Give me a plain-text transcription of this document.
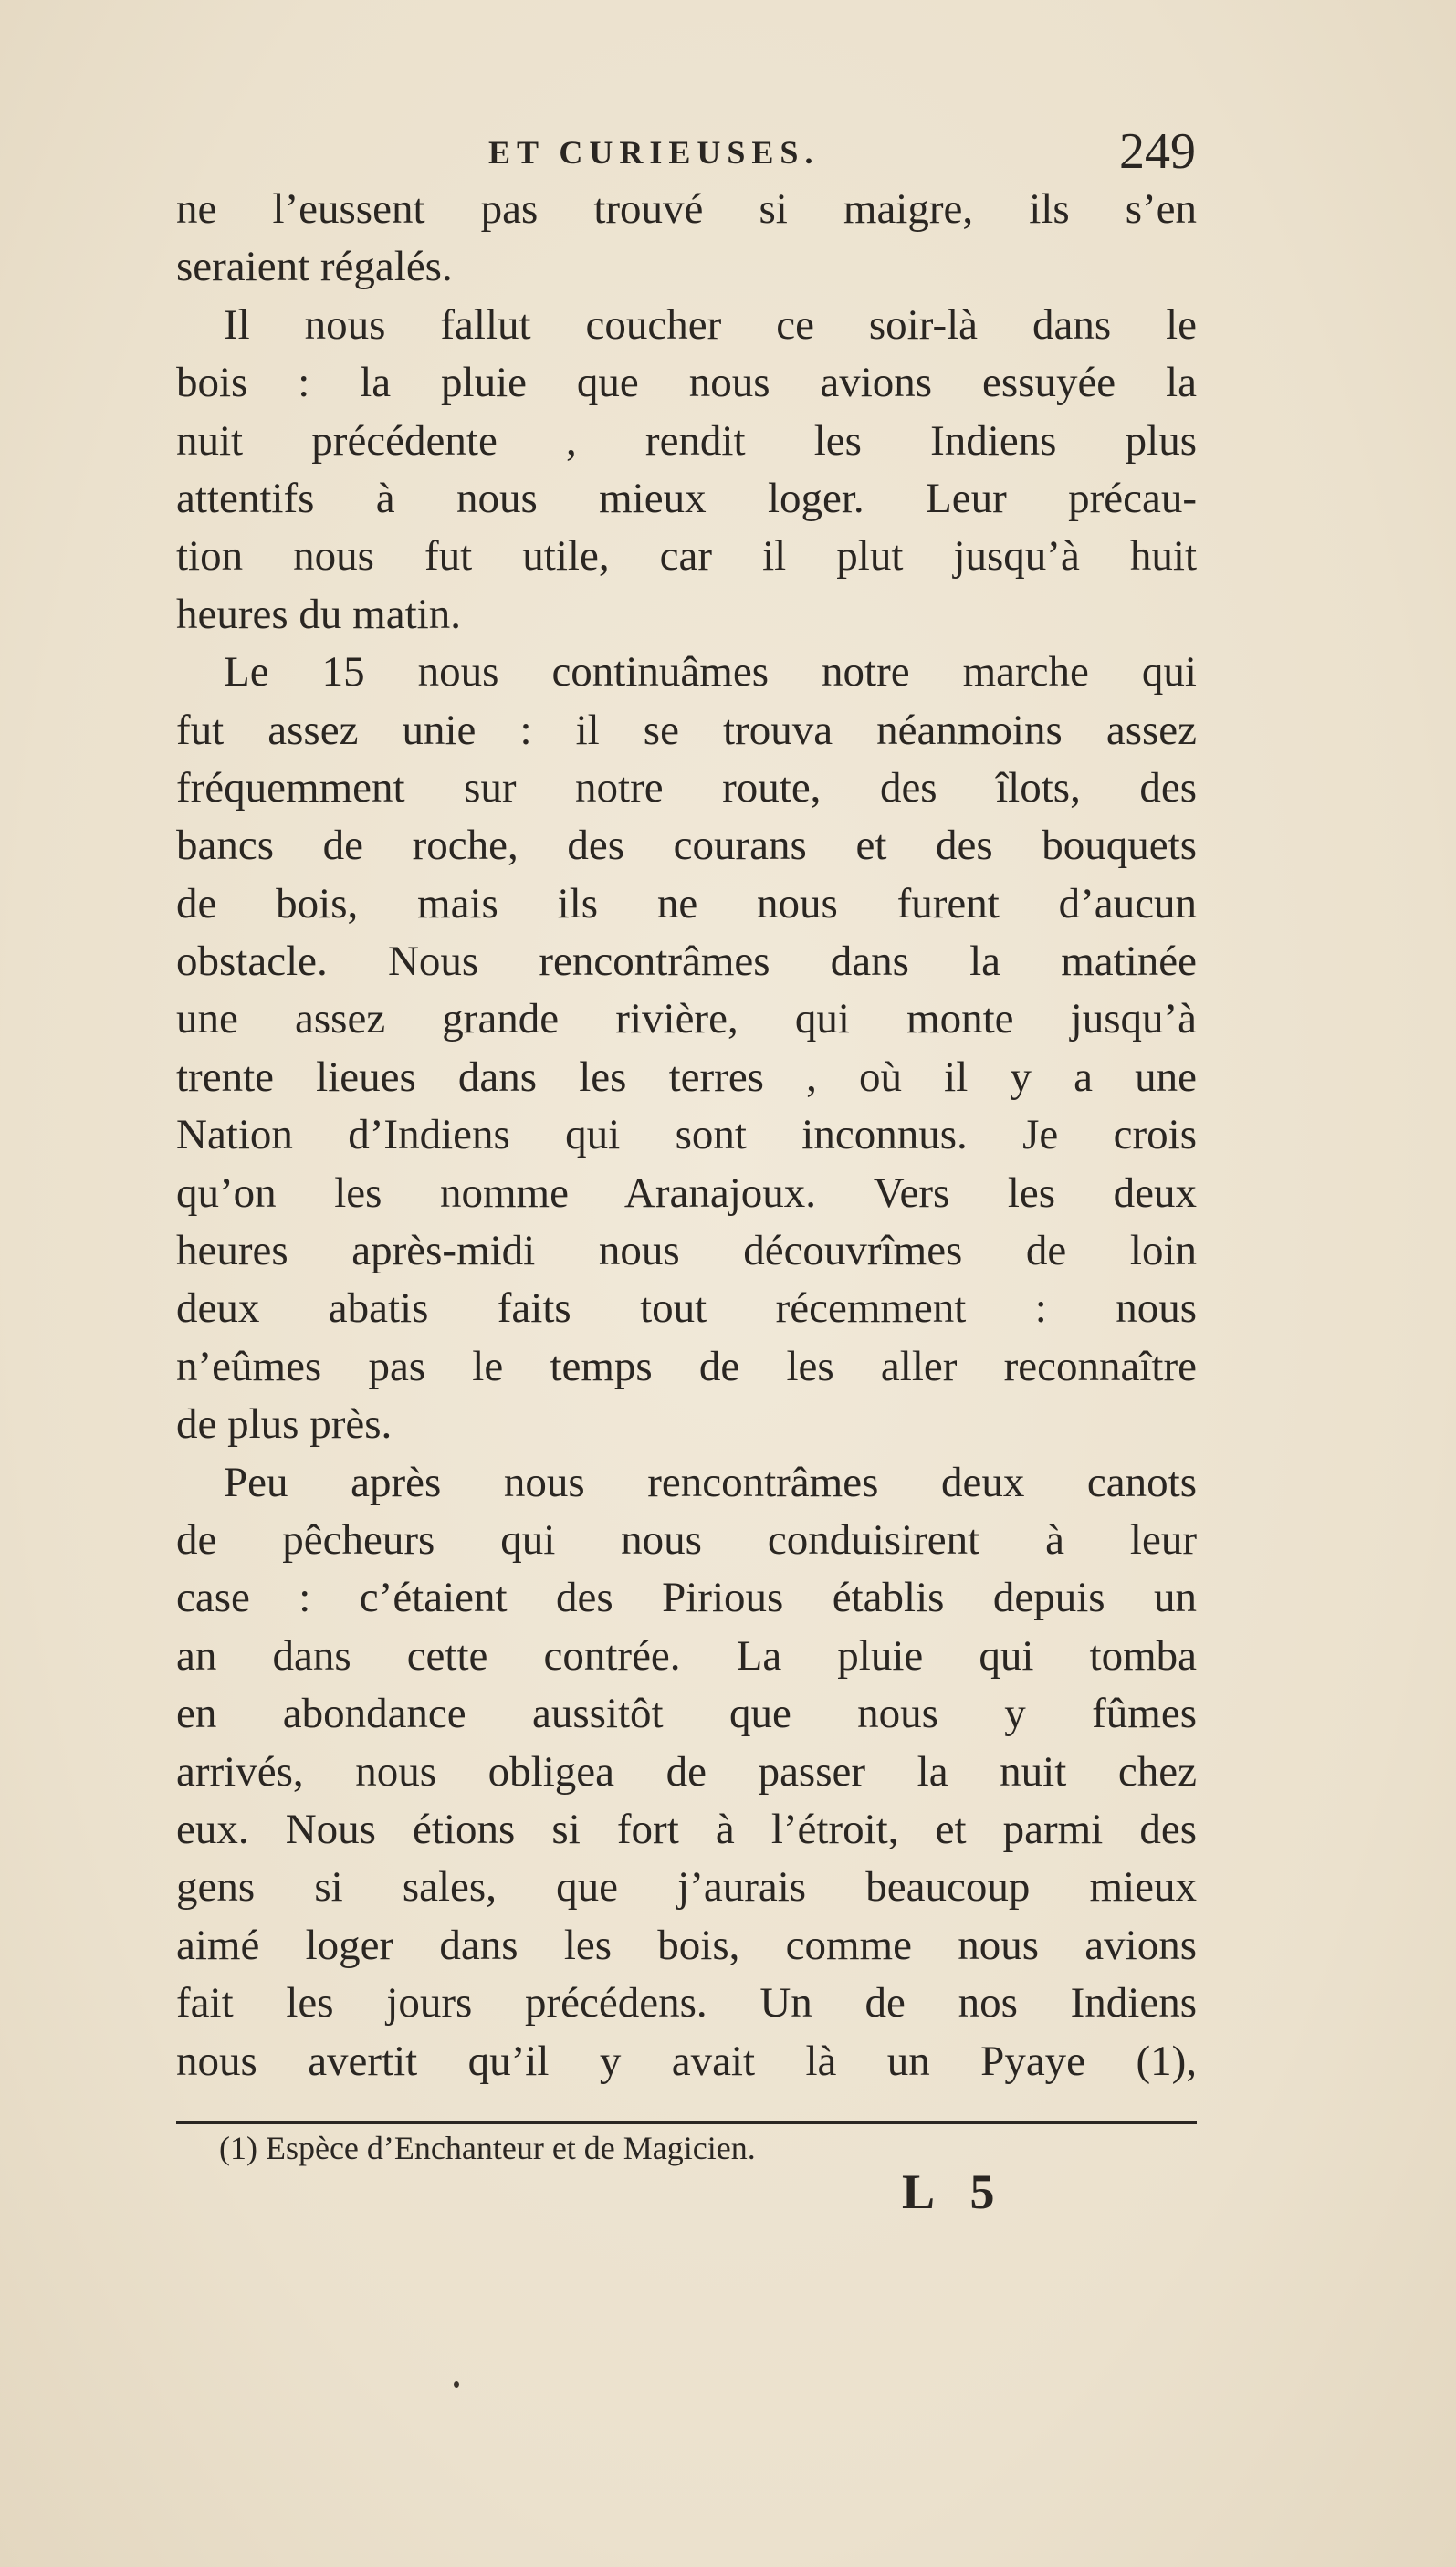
ET CURIEUSES.	249
ne l’eussent pas trouvé si maigre, ils s’en
seraient régalés.
Il nous fallut coucher ce soir-là dans le
bois : la pluie que nous avions essuyée la
nuit précédente , rendit les Indiens plus
attentifs à nous mieux loger. Leur précau-
tion nous fut utile, car il plut jusqu’à huit
heures du matin.
Le 15 nous continuâmes notre marche qui
fut assez unie : il se trouva néanmoins assez
fréquemment sur notre route, des îlots, des
bancs de roche, des courans et des bouquets
de bois, mais ils ne nous furent d’aucun
obstacle. Nous rencontrâmes dans la matinée
une assez grande rivière, qui monte jusqu’à
trente lieues dans les terres , où il y a une
Nation d’Indiens qui sont inconnus. Je crois
qu’on les nomme Aranajoux. Vers les deux
heures après-midi nous découvrîmes de loin
deux abatis faits tout récemment : nous
n’eûmes pas le temps de les aller reconnaître
de plus près.
Peu après nous rencontrâmes deux canots
de pêcheurs qui nous conduisirent à leur
case : c’étaient des Pirious établis depuis un
an dans cette contrée. La pluie qui tomba
en abondance aussitôt que nous y fûmes
arrivés, nous obligea de passer la nuit chez
eux. Nous étions si fort à l’étroit, et parmi des
gens si sales, que j’aurais beaucoup mieux
aimé loger dans les bois, comme nous avions
fait les jours précédens. Un de nos Indiens
nous avertit qu’il y avait là un Pyaye (1),
(1) Espèce d’Enchanteur et de Magicien.
L 5
